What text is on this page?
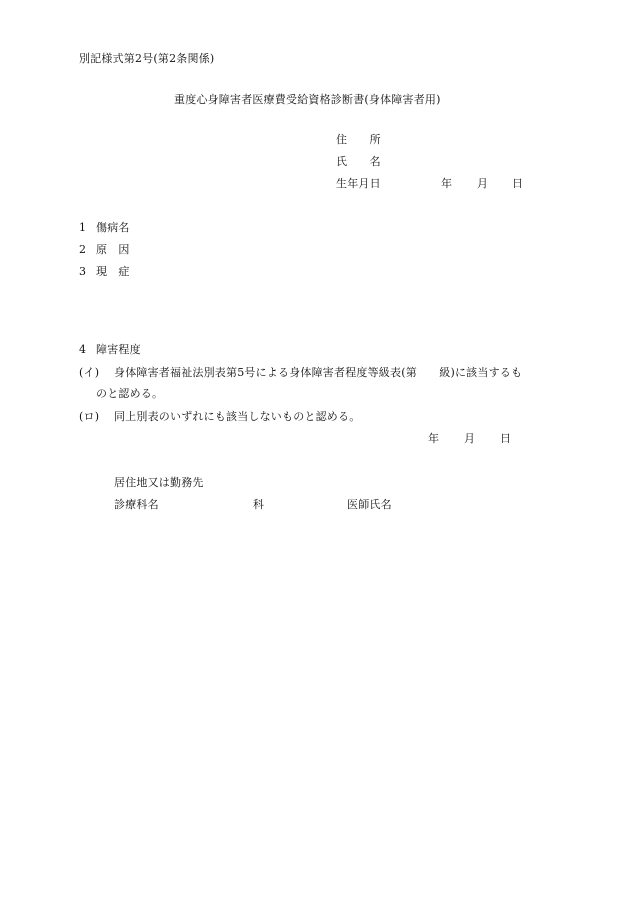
別記様式第2号(第2条関係)
重度心身障害者医療費受給資格診断書(身体障害者用)
住　　所
氏　　名
生年月日	年 月 日
1 傷病名
2 原　因
3 現　症
4 障害程度
(イ) 身体障害者福祉法別表第5号による身体障害者程度等級表(第　　級)に該当するも
のと認める。
(ロ) 同上別表のいずれにも該当しないものと認める。
年 月 日
居住地又は勤務先
診療科名	科	医師氏名
